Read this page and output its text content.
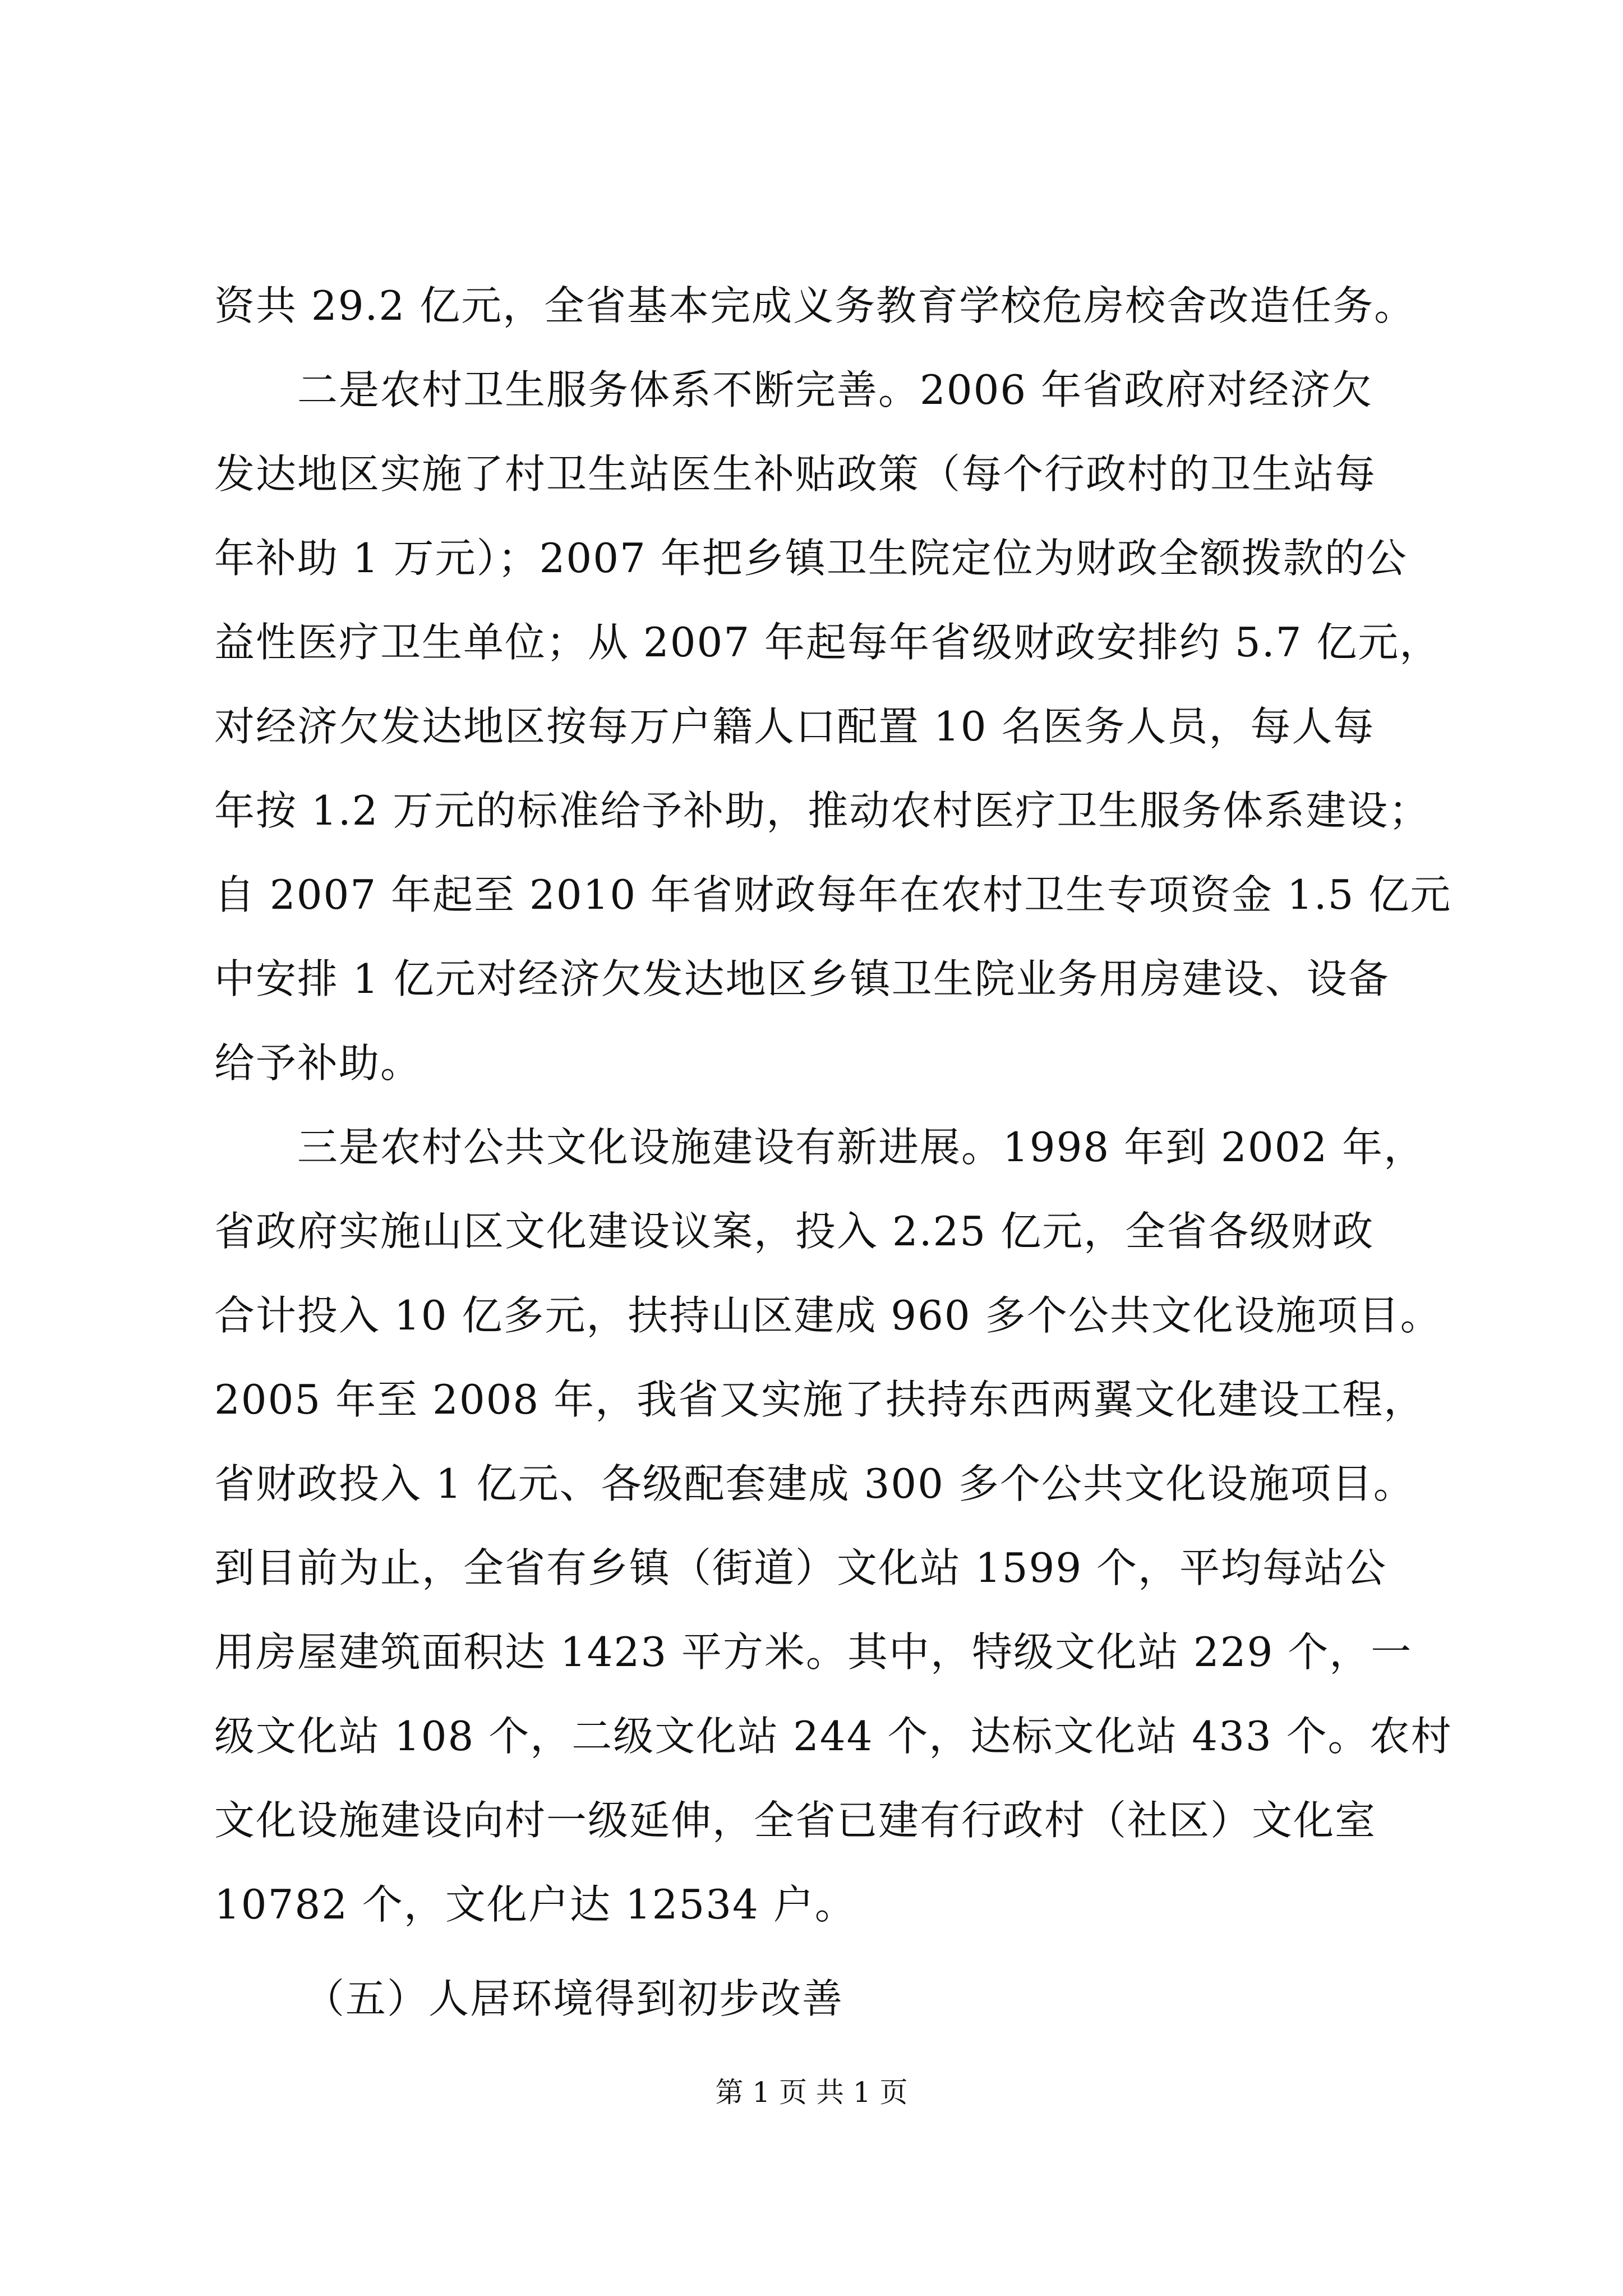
资共 29.2 亿元，全省基本完成义务教育学校危房校舍改造任务。
　　二是农村卫生服务体系不断完善。2006 年省政府对经济欠
发达地区实施了村卫生站医生补贴政策（每个行政村的卫生站每
年补助 1 万元）；2007 年把乡镇卫生院定位为财政全额拨款的公
益性医疗卫生单位；从 2007 年起每年省级财政安排约 5.7 亿元，
对经济欠发达地区按每万户籍人口配置 10 名医务人员，每人每
年按 1.2 万元的标准给予补助，推动农村医疗卫生服务体系建设；
自 2007 年起至 2010 年省财政每年在农村卫生专项资金 1.5 亿元
中安排 1 亿元对经济欠发达地区乡镇卫生院业务用房建设、设备
给予补助。
　　三是农村公共文化设施建设有新进展。1998 年到 2002 年，
省政府实施山区文化建设议案，投入 2.25 亿元，全省各级财政
合计投入 10 亿多元，扶持山区建成 960 多个公共文化设施项目。
2005 年至 2008 年，我省又实施了扶持东西两翼文化建设工程，
省财政投入 1 亿元、各级配套建成 300 多个公共文化设施项目。
到目前为止，全省有乡镇（街道）文化站 1599 个，平均每站公
用房屋建筑面积达 1423 平方米。其中，特级文化站 229 个，一
级文化站 108 个，二级文化站 244 个，达标文化站 433 个。农村
文化设施建设向村一级延伸，全省已建有行政村（社区）文化室
10782 个，文化户达 12534 户。
（五）人居环境得到初步改善
第 1 页 共 1 页
